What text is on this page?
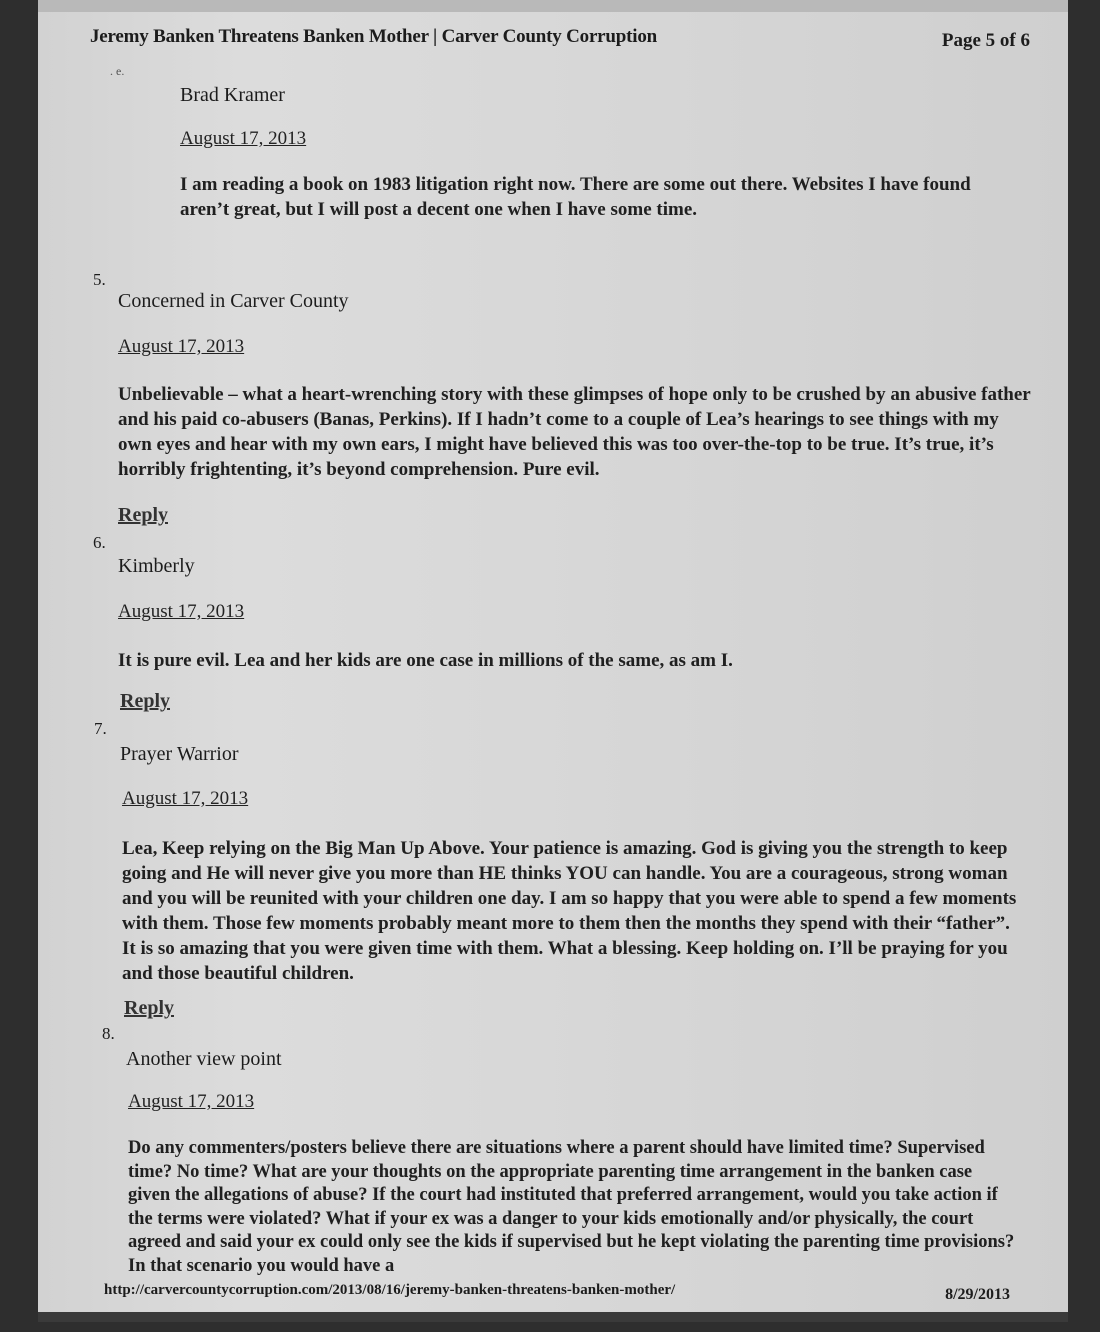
Jeremy Banken Threatens Banken Mother | Carver County Corruption	Page 5 of 6
. e.
Brad Kramer
August 17, 2013
I am reading a book on 1983 litigation right now. There are some out there. Websites I have found aren’t great, but I will post a decent one when I have some time.
5.
Concerned in Carver County
August 17, 2013
Unbelievable – what a heart-wrenching story with these glimpses of hope only to be crushed by an abusive father and his paid co-abusers (Banas, Perkins). If I hadn’t come to a couple of Lea’s hearings to see things with my own eyes and hear with my own ears, I might have believed this was too over-the-top to be true. It’s true, it’s horribly frightenting, it’s beyond comprehension. Pure evil.
Reply
6.
Kimberly
August 17, 2013
It is pure evil. Lea and her kids are one case in millions of the same, as am I.
Reply
7.
Prayer Warrior
August 17, 2013
Lea, Keep relying on the Big Man Up Above. Your patience is amazing. God is giving you the strength to keep going and He will never give you more than HE thinks YOU can handle. You are a courageous, strong woman and you will be reunited with your children one day. I am so happy that you were able to spend a few moments with them. Those few moments probably meant more to them then the months they spend with their “father”. It is so amazing that you were given time with them. What a blessing. Keep holding on. I’ll be praying for you and those beautiful children.
Reply
8.
Another view point
August 17, 2013
Do any commenters/posters believe there are situations where a parent should have limited time? Supervised time? No time? What are your thoughts on the appropriate parenting time arrangement in the banken case given the allegations of abuse? If the court had instituted that preferred arrangement, would you take action if the terms were violated? What if your ex was a danger to your kids emotionally and/or physically, the court agreed and said your ex could only see the kids if supervised but he kept violating the parenting time provisions? In that scenario you would have a
http://carvercountycorruption.com/2013/08/16/jeremy-banken-threatens-banken-mother/	8/29/2013
